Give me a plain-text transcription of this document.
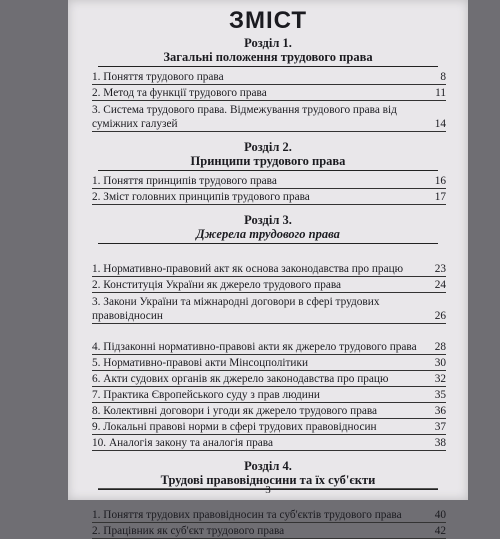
ЗМІСТ
Розділ 1.
Загальні положення трудового права
1. Поняття трудового права	8
2. Метод та функції трудового права	11
3. Система трудового права. Відмежування трудового права від суміжних галузей	14
Розділ 2.
Принципи трудового права
1. Поняття принципів трудового права	16
2. Зміст головних принципів трудового права	17
Розділ 3.
Джерела трудового права
1. Нормативно-правовий акт як основа законодавства про працю	23
2. Конституція України як джерело трудового права	24
3. Закони України та міжнародні договори в сфері трудових правовідносин	26
4. Підзаконні нормативно-правові акти як джерело трудового права	28
5. Нормативно-правові акти Мінсоцполітики	30
6. Акти судових органів як джерело законодавства про працю	32
7. Практика Європейського суду з прав людини	35
8. Колективні договори і угоди як джерело трудового права	36
9. Локальні правові норми в сфері трудових правовідносин	37
10. Аналогія закону та аналогія права	38
Розділ 4.
Трудові правовідносини та їх суб'єкти
1. Поняття трудових правовідносин та суб'єктів трудового права	40
2. Працівник як суб'єкт трудового права	42
3
